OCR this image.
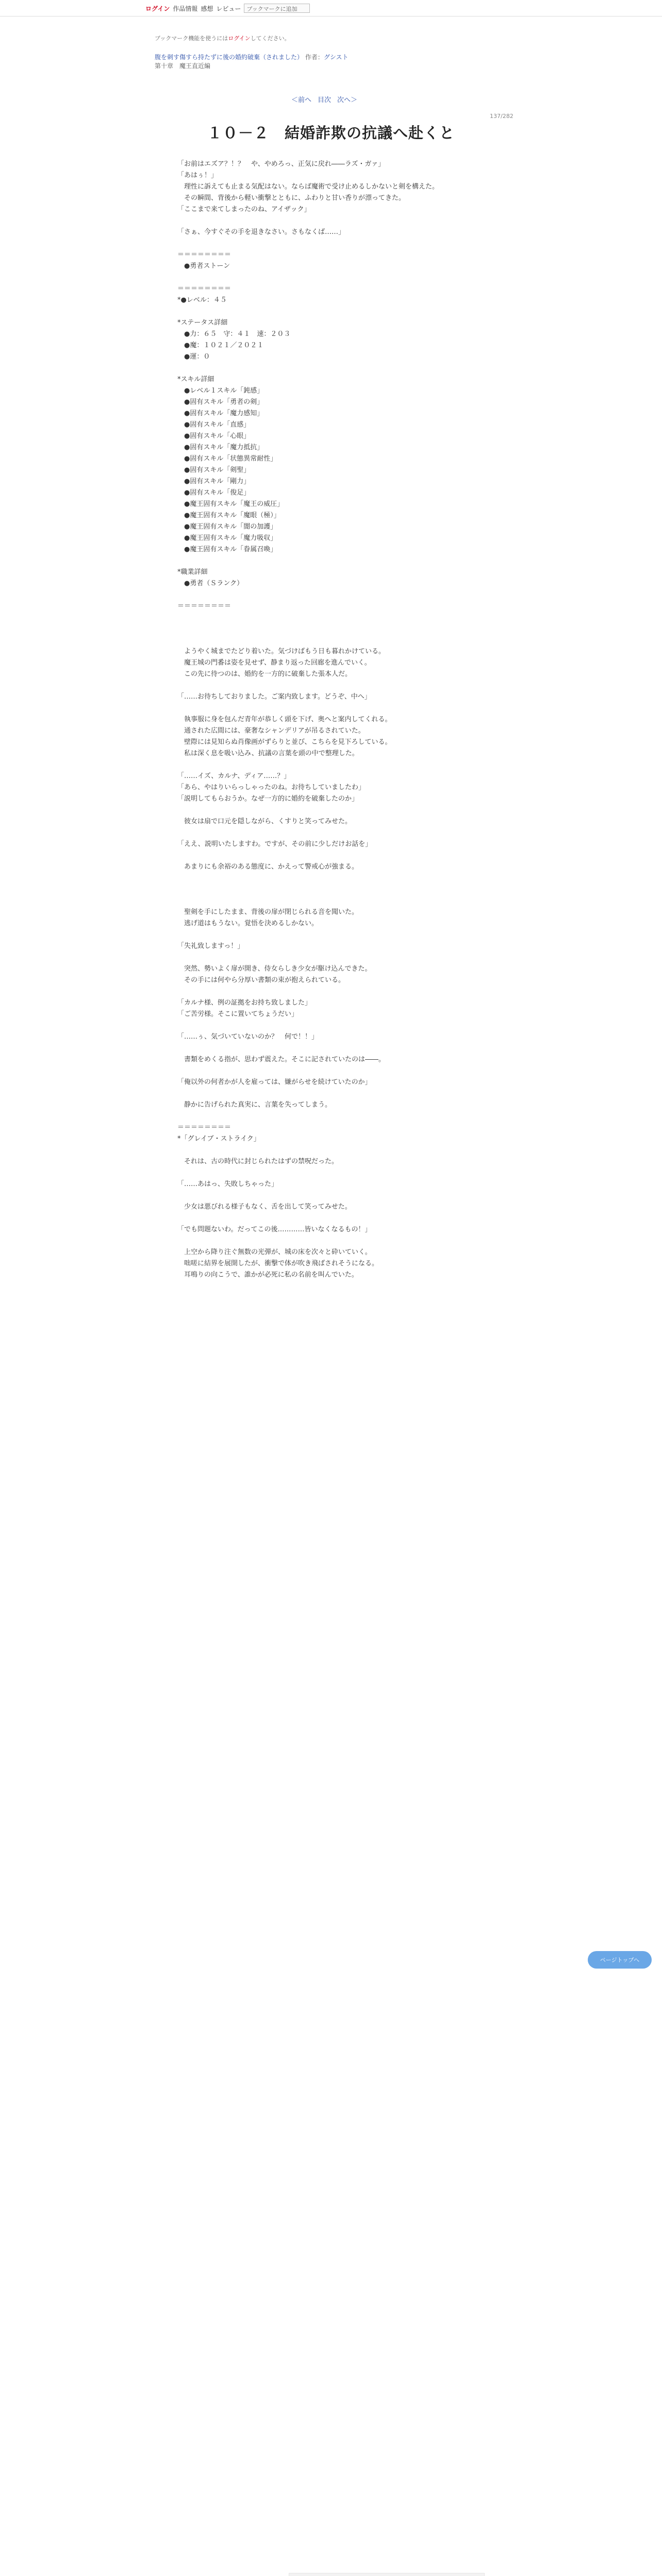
ログイン 作品情報 感想 レビュー	ブックマークに追加
ブックマーク機能を使うにはログインしてください。
腹を刺す傷すら持たずに後の婚約破棄（されました） 作者：グシスト
第十章　魔王直近編
＜前へ 目次 次へ＞
137/282
１０－２　結婚詐欺の抗議へ赴くと

「お前はエズア？！？　や、やめろっ、正気に戻れ――ラズ・ガァ」

「あはぅ！」

　理性に訴えても止まる気配はない。ならば魔術で受け止めるしかないと剣を構えた。

　その瞬間、背後から軽い衝撃とともに、ふわりと甘い香りが漂ってきた。

「ここまで来てしまったのね、アイザック」

「さぁ、今すぐその手を退きなさい。さもなくば……」

＝＝＝＝＝＝＝＝

　●勇者ストーン

＝＝＝＝＝＝＝＝

*●レベル：４５

*ステータス詳細

　●力：６５　守：４１　速：２０３

　●魔：１０２１／２０２１

　●運：０

*スキル詳細

　●レベル１スキル「鈍感」

　●固有スキル「勇者の剣」

　●固有スキル「魔力感知」

　●固有スキル「直感」

　●固有スキル「心眼」

　●固有スキル「魔力抵抗」

　●固有スキル「状態異常耐性」

　●固有スキル「剣聖」

　●固有スキル「剛力」

　●固有スキル「俊足」

　●魔王固有スキル「魔王の威圧」

　●魔王固有スキル「魔眼（極）」

　●魔王固有スキル「闇の加護」

　●魔王固有スキル「魔力吸収」

　●魔王固有スキル「眷属召喚」

*職業詳細

　●勇者（Ｓランク）

＝＝＝＝＝＝＝＝

　ようやく城までたどり着いた。気づけばもう日も暮れかけている。

　魔王城の門番は姿を見せず、静まり返った回廊を進んでいく。

　この先に待つのは、婚約を一方的に破棄した張本人だ。

「……お待ちしておりました。ご案内致します。どうぞ、中へ」

　執事服に身を包んだ青年が恭しく頭を下げ、奥へと案内してくれる。

　通された広間には、豪奢なシャンデリアが吊るされていた。

　壁際には見知らぬ肖像画がずらりと並び、こちらを見下ろしている。

　私は深く息を吸い込み、抗議の言葉を頭の中で整理した。

「……イズ、カルナ、ディア……？」

「あら、やはりいらっしゃったのね。お待ちしていましたわ」

「説明してもらおうか。なぜ一方的に婚約を破棄したのか」

　彼女は扇で口元を隠しながら、くすりと笑ってみせた。

「ええ、説明いたしますわ。ですが、その前に少しだけお話を」

　あまりにも余裕のある態度に、かえって警戒心が強まる。

　聖剣を手にしたまま、背後の扉が閉じられる音を聞いた。

　逃げ道はもうない。覚悟を決めるしかない。

「失礼致しますっ！」

　突然、勢いよく扉が開き、侍女らしき少女が駆け込んできた。

　その手には何やら分厚い書類の束が抱えられている。

「カルナ様、例の証拠をお持ち致しました」

「ご苦労様。そこに置いてちょうだい」

「……ぅ、気づいていないのか？　何で！！」

　書類をめくる指が、思わず震えた。そこに記されていたのは――。

「俺以外の何者かが人を雇っては、嫌がらせを続けていたのか」

　静かに告げられた真実に、言葉を失ってしまう。

＝＝＝＝＝＝＝＝

*「グレイブ・ストライク」

　それは、古の時代に封じられたはずの禁呪だった。

「……あはっ、失敗しちゃった」

　少女は悪びれる様子もなく、舌を出して笑ってみせた。

「でも問題ないわ。だってこの後…………皆いなくなるもの！」

　上空から降り注ぐ無数の光弾が、城の床を次々と砕いていく。

　咄嗟に結界を展開したが、衝撃で体が吹き飛ばされそうになる。

　耳鳴りの向こうで、誰かが必死に私の名前を叫んでいた。

ページトップへ
